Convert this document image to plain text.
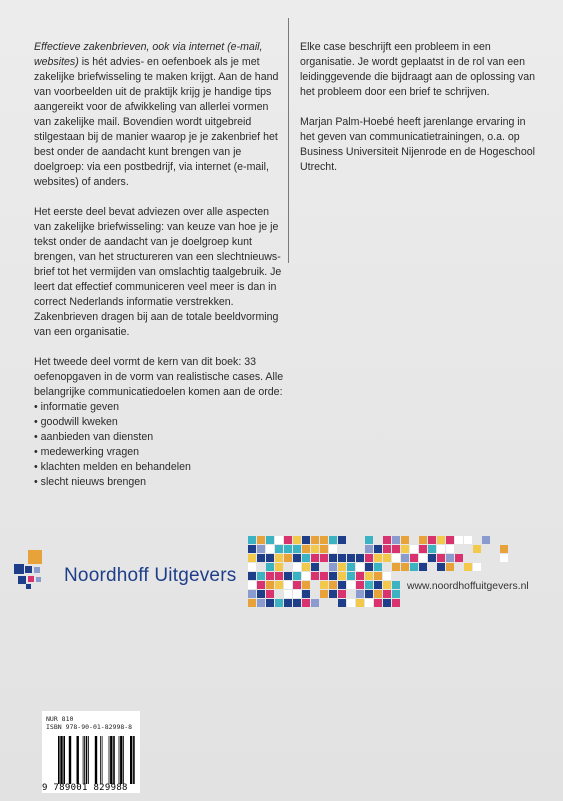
Effectieve zakenbrieven, ook via internet (e-mail, websites) is hét advies- en oefenboek als je met zakelijke briefwisseling te maken krijgt. Aan de hand van voorbeelden uit de praktijk krijg je handige tips aangereikt voor de afwikkeling van allerlei vormen van zakelijke mail. Bovendien wordt uitgebreid stilgestaan bij de manier waarop je je zakenbrief het best onder de aandacht kunt brengen van je doelgroep: via een postbedrijf, via internet (e-mail, websites) of anders.

Het eerste deel bevat adviezen over alle aspecten van zakelijke briefwisseling: van keuze van hoe je je tekst onder de aandacht van je doelgroep kunt brengen, van het structureren van een slechtnieuws-brief tot het vermijden van omslachtig taalgebruik. Je leert dat effectief communiceren veel meer is dan in correct Nederlands informatie verstrekken. Zakenbrieven dragen bij aan de totale beeldvorming van een organisatie.

Het tweede deel vormt de kern van dit boek: 33 oefenopgaven in de vorm van realistische cases. Alle belangrijke communicatiedoelen komen aan de orde:
• informatie geven
• goodwill kweken
• aanbieden van diensten
• medewerking vragen
• klachten melden en behandelen
• slecht nieuws brengen

Elke case beschrijft een probleem in een organisatie. Je wordt geplaatst in de rol van een leidinggevende die bijdraagt aan de oplossing van het probleem door een brief te schrijven.

Marjan Palm-Hoebé heeft jarenlange ervaring in het geven van communicatietrainingen, o.a. op Business Universiteit Nijenrode en de Hogeschool Utrecht.

Noordhoff Uitgevers
www.noordhoffuitgevers.nl
NUR 810
ISBN 978-90-01-82998-8
9 789001 829988
